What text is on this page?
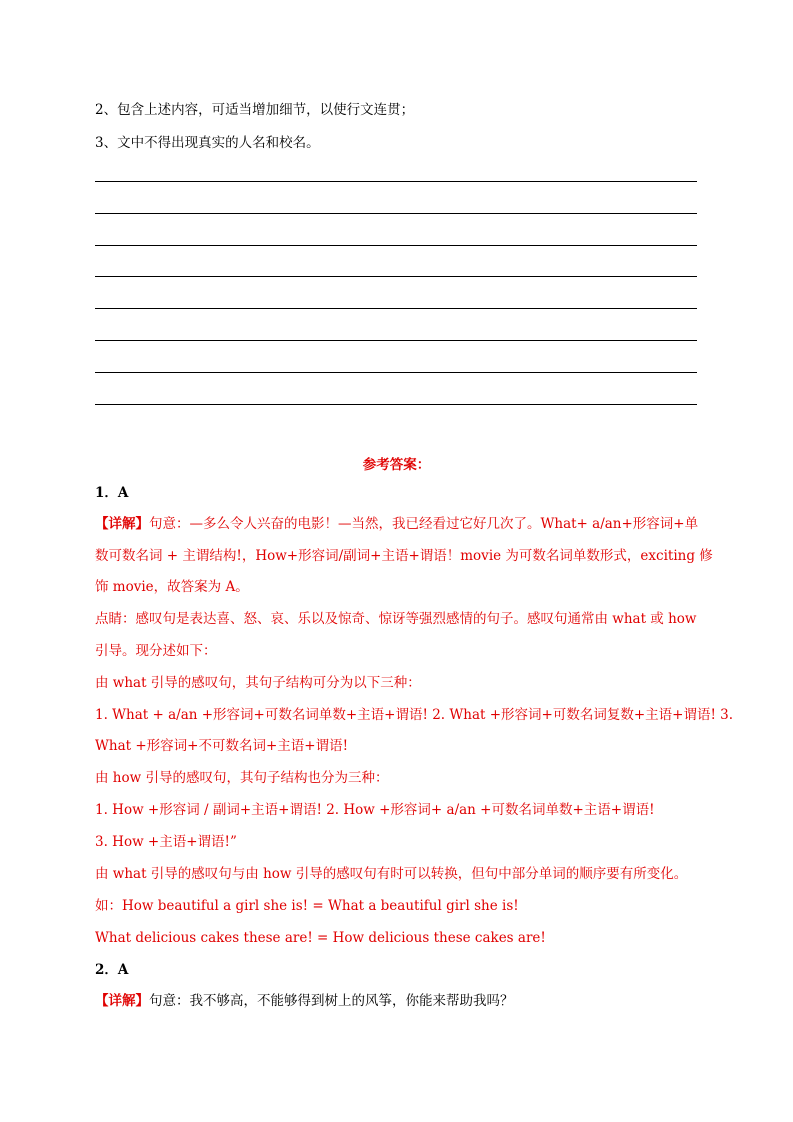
2、包含上述内容，可适当增加细节，以使行文连贯；
3、文中不得出现真实的人名和校名。
参考答案：
1．A
【详解】句意：—多么令人兴奋的电影！—当然，我已经看过它好几次了。What+ a/an+形容词+单
数可数名词 + 主谓结构!，How+形容词/副词+主语+谓语！movie 为可数名词单数形式，exciting 修
饰 movie，故答案为 A。
点睛：感叹句是表达喜、怒、哀、乐以及惊奇、惊讶等强烈感情的句子。感叹句通常由 what 或 how
引导。现分述如下：
由 what 引导的感叹句，其句子结构可分为以下三种：
1. What + a/an +形容词+可数名词单数+主语+谓语! 2. What +形容词+可数名词复数+主语+谓语! 3.
What +形容词+不可数名词+主语+谓语!
由 how 引导的感叹句，其句子结构也分为三种：
1. How +形容词 / 副词+主语+谓语! 2. How +形容词+ a/an +可数名词单数+主语+谓语!
3. How +主语+谓语!”
由 what 引导的感叹句与由 how 引导的感叹句有时可以转换，但句中部分单词的顺序要有所变化。
如：How beautiful a girl she is! = What a beautiful girl she is!
What delicious cakes these are! = How delicious these cakes are!
2．A
【详解】句意：我不够高，不能够得到树上的风筝，你能来帮助我吗？
